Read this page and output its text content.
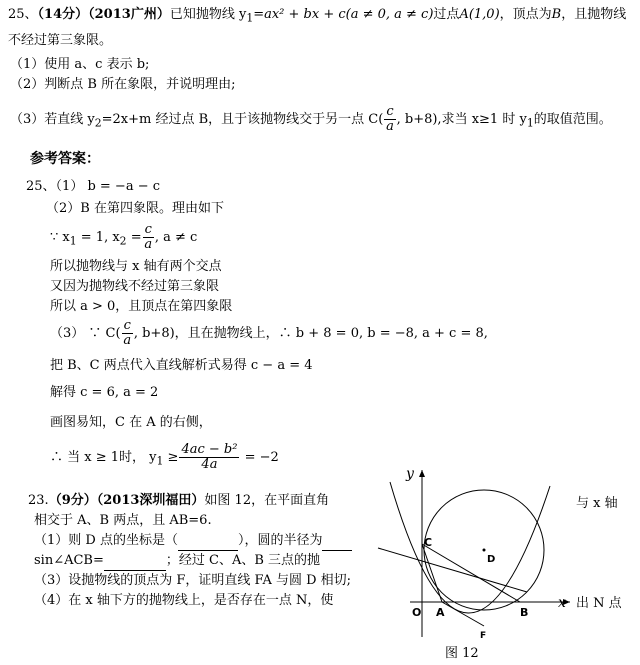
25、（14分）（2013广州）已知抛物线 $y_1=ax^2$ + bx + c(a ≠ 0, a ≠ c)过点A(1,0)，顶点为B，且抛物线
不经过第三象限。
（1）使用 a、c 表示 b;
（2）判断点 B 所在象限，并说明理由;
（3）若直线 $y_2=2x+m$ 经过点 B，且于该抛物线交于另一点 $C( \frac{c}{a}$ , b+8),求当 x≥1 时 $y_1$的取值范围。
参考答案：
25、（1） b = −a − c
（2）B 在第四象限。理由如下
∵ $x_1 = 1$, $x_2 = \frac{c}{a}$ , a ≠ c
所以抛物线与 x 轴有两个交点
又因为抛物线不经过第三象限
所以 a > 0，且顶点在第四象限
（3） ∵ $C( \frac{c}{a}$ , b+8)，且在抛物线上，∴ b + 8 = 0, b = −8, a + c = 8,
把 B、C 两点代入直线解析式易得 c − a = 4
解得 c = 6, a = 2
画图易知，C 在 A 的右侧，
∴ 当 x ≥ 1时， $y_1 \ge \frac{\text{4ac − b²}}{4a} = -2$
23.（9分）（2013深圳福田）如图 12，在平面直角	与 x 轴
相交于 A、B 两点，且 AB=6.
（1）则 D 点的坐标是（	），圆的半径为
sin∠ACB=	；经过 C、A、B 三点的抛
（3）设抛物线的顶点为 F，证明直线 FA 与圆 D 相切;
（4）在 x 轴下方的抛物线上，是否存在一点 N，使	出 N 点
y
O A	B
C
D
F
x
图 12
